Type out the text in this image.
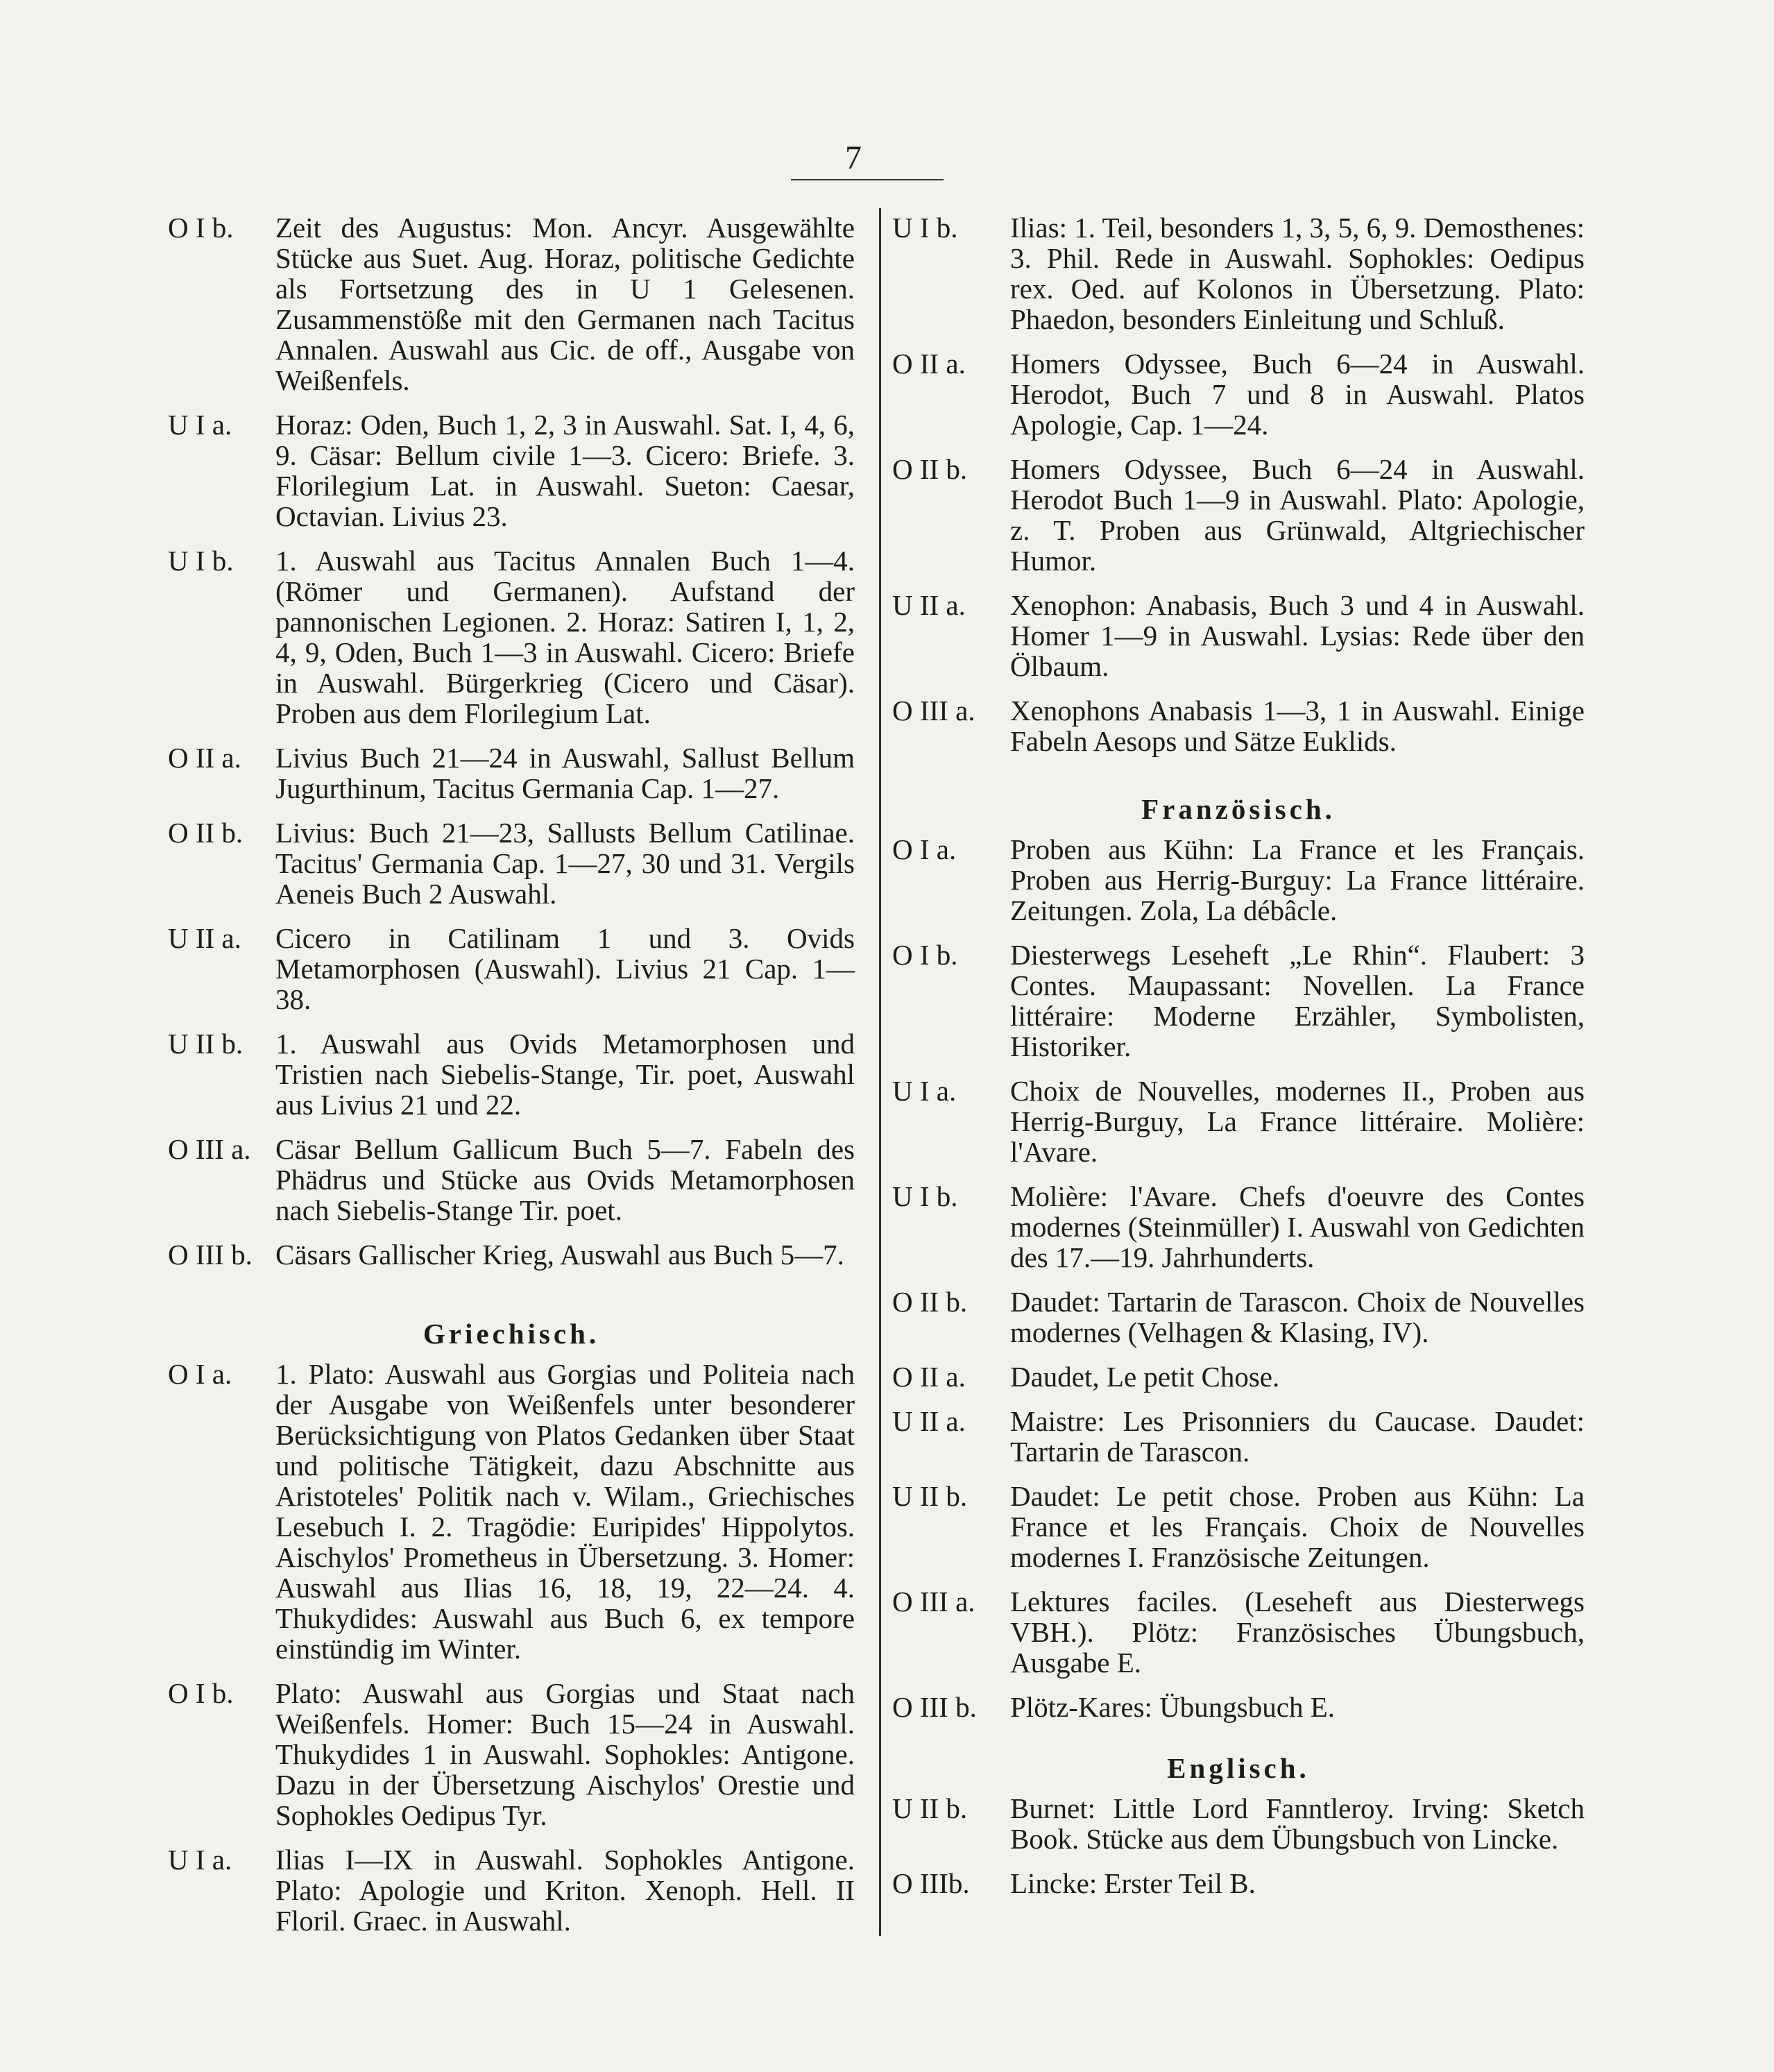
7
O I b.	Zeit des Augustus: Mon. Ancyr. Ausgewählte Stücke aus Suet. Aug. Horaz, politische Gedichte als Fortsetzung des in U 1 Gelesenen. Zusammenstöße mit den Germanen nach Tacitus Annalen. Auswahl aus Cic. de off., Ausgabe von Weißenfels.
U I a.	Horaz: Oden, Buch 1, 2, 3 in Auswahl. Sat. I, 4, 6, 9. Cäsar: Bellum civile 1—3. Cicero: Briefe. 3. Florilegium Lat. in Auswahl. Sueton: Caesar, Octavian. Livius 23.
U I b.	1. Auswahl aus Tacitus Annalen Buch 1—4. (Römer und Germanen). Aufstand der pannonischen Legionen. 2. Horaz: Satiren I, 1, 2, 4, 9, Oden, Buch 1—3 in Auswahl. Cicero: Briefe in Auswahl. Bürgerkrieg (Cicero und Cäsar). Proben aus dem Florilegium Lat.
O II a.	Livius Buch 21—24 in Auswahl, Sallust Bellum Jugurthinum, Tacitus Germania Cap. 1—27.
O II b.	Livius: Buch 21—23, Sallusts Bellum Catilinae. Tacitus' Germania Cap. 1—27, 30 und 31. Vergils Aeneis Buch 2 Auswahl.
U II a.	Cicero in Catilinam 1 und 3. Ovids Metamorphosen (Auswahl). Livius 21 Cap. 1—38.
U II b.	1. Auswahl aus Ovids Metamorphosen und Tristien nach Siebelis-Stange, Tir. poet, Auswahl aus Livius 21 und 22.
O III a. Cäsar Bellum Gallicum Buch 5—7. Fabeln des Phädrus und Stücke aus Ovids Metamorphosen nach Siebelis-Stange Tir. poet.
O III b. Cäsars Gallischer Krieg, Auswahl aus Buch 5—7.
Griechisch.
O I a.	1. Plato: Auswahl aus Gorgias und Politeia nach der Ausgabe von Weißenfels unter besonderer Berücksichtigung von Platos Gedanken über Staat und politische Tätigkeit, dazu Abschnitte aus Aristoteles' Politik nach v. Wilam., Griechisches Lesebuch I. 2. Tragödie: Euripides' Hippolytos. Aischylos' Prometheus in Übersetzung. 3. Homer: Auswahl aus Ilias 16, 18, 19, 22—24. 4. Thukydides: Auswahl aus Buch 6, ex tempore einstündig im Winter.
O I b.	Plato: Auswahl aus Gorgias und Staat nach Weißenfels. Homer: Buch 15—24 in Auswahl. Thukydides 1 in Auswahl. Sophokles: Antigone. Dazu in der Übersetzung Aischylos' Orestie und Sophokles Oedipus Tyr.
U I a.	Ilias I—IX in Auswahl. Sophokles Antigone. Plato: Apologie und Kriton. Xenoph. Hell. II Floril. Graec. in Auswahl.
U I b.	Ilias: 1. Teil, besonders 1, 3, 5, 6, 9. Demosthenes: 3. Phil. Rede in Auswahl. Sophokles: Oedipus rex. Oed. auf Kolonos in Übersetzung. Plato: Phaedon, besonders Einleitung und Schluß.
O II a.	Homers Odyssee, Buch 6—24 in Auswahl. Herodot, Buch 7 und 8 in Auswahl. Platos Apologie, Cap. 1—24.
O II b.	Homers Odyssee, Buch 6—24 in Auswahl. Herodot Buch 1—9 in Auswahl. Plato: Apologie, z. T. Proben aus Grünwald, Altgriechischer Humor.
U II a.	Xenophon: Anabasis, Buch 3 und 4 in Auswahl. Homer 1—9 in Auswahl. Lysias: Rede über den Ölbaum.
O III a.	Xenophons Anabasis 1—3, 1 in Auswahl. Einige Fabeln Aesops und Sätze Euklids.
Französisch.
O I a.	Proben aus Kühn: La France et les Français. Proben aus Herrig-Burguy: La France littéraire. Zeitungen. Zola, La débâcle.
O I b.	Diesterwegs Leseheft „Le Rhin“. Flaubert: 3 Contes. Maupassant: Novellen. La France littéraire: Moderne Erzähler, Symbolisten, Historiker.
U I a.	Choix de Nouvelles, modernes II., Proben aus Herrig-Burguy, La France littéraire. Molière: l'Avare.
U I b.	Molière: l'Avare. Chefs d'oeuvre des Contes modernes (Steinmüller) I. Auswahl von Gedichten des 17.—19. Jahrhunderts.
O II b.	Daudet: Tartarin de Tarascon. Choix de Nouvelles modernes (Velhagen & Klasing, IV).
O II a.	Daudet, Le petit Chose.
U II a.	Maistre: Les Prisonniers du Caucase. Daudet: Tartarin de Tarascon.
U II b.	Daudet: Le petit chose. Proben aus Kühn: La France et les Français. Choix de Nouvelles modernes I. Französische Zeitungen.
O III a.	Lektures faciles. (Leseheft aus Diesterwegs VBH.). Plötz: Französisches Übungsbuch, Ausgabe E.
O III b.	Plötz-Kares: Übungsbuch E.
Englisch.
U II b.	Burnet: Little Lord Fanntleroy. Irving: Sketch Book. Stücke aus dem Übungsbuch von Lincke.
O IIIb.	Lincke: Erster Teil B.
